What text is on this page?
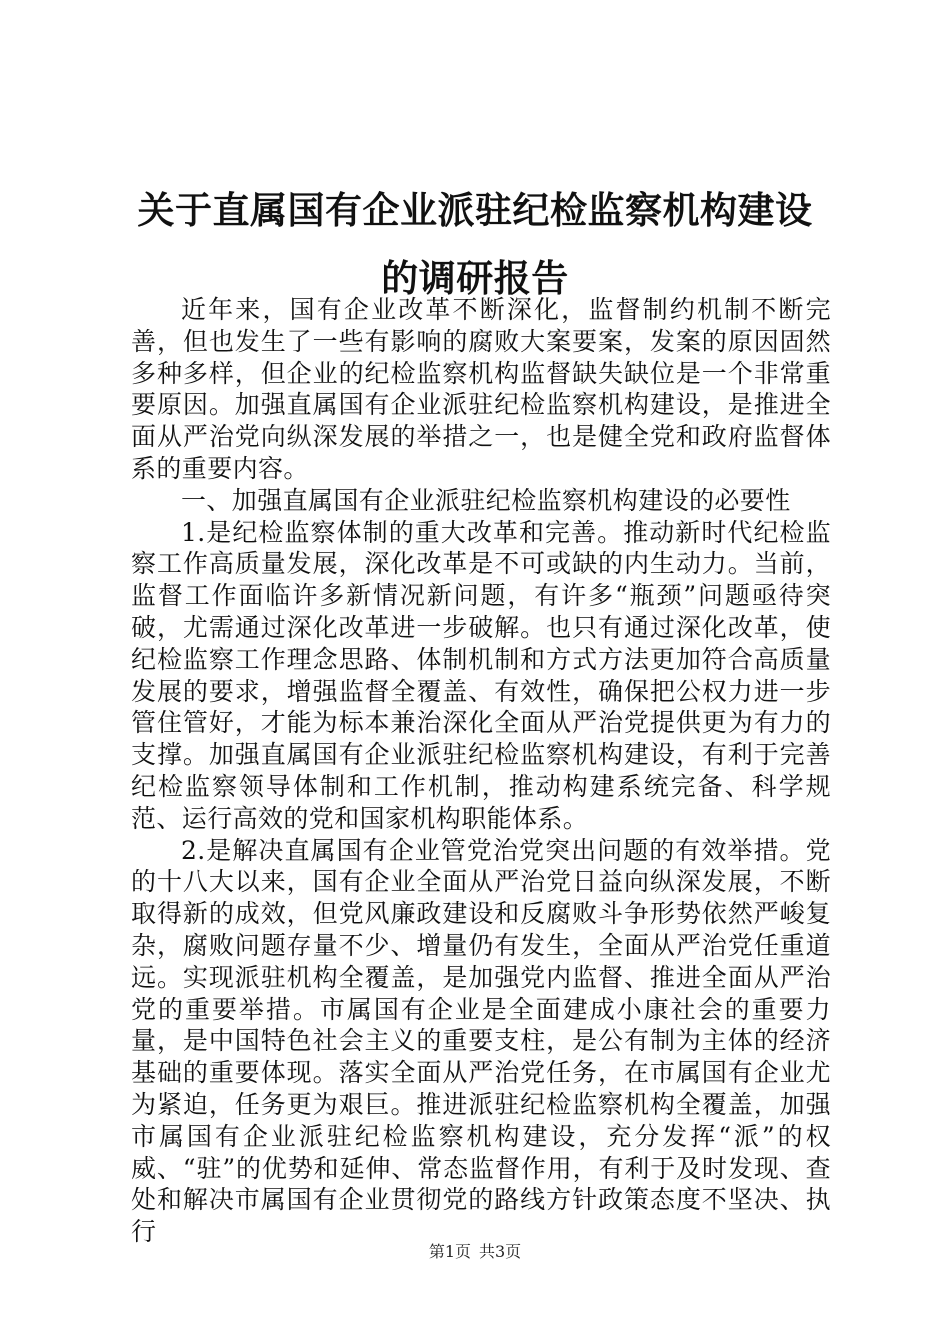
关于直属国有企业派驻纪检监察机构建设的调研报告

近年来，国有企业改革不断深化，监督制约机制不断完善，但也发生了一些有影响的腐败大案要案，发案的原因固然多种多样，但企业的纪检监察机构监督缺失缺位是一个非常重要原因。加强直属国有企业派驻纪检监察机构建设，是推进全面从严治党向纵深发展的举措之一，也是健全党和政府监督体系的重要内容。

一、加强直属国有企业派驻纪检监察机构建设的必要性

1.是纪检监察体制的重大改革和完善。推动新时代纪检监察工作高质量发展，深化改革是不可或缺的内生动力。当前，监督工作面临许多新情况新问题，有许多“瓶颈”问题亟待突破，尤需通过深化改革进一步破解。也只有通过深化改革，使纪检监察工作理念思路、体制机制和方式方法更加符合高质量发展的要求，增强监督全覆盖、有效性，确保把公权力进一步管住管好，才能为标本兼治深化全面从严治党提供更为有力的支撑。加强直属国有企业派驻纪检监察机构建设，有利于完善纪检监察领导体制和工作机制，推动构建系统完备、科学规范、运行高效的党和国家机构职能体系。

2.是解决直属国有企业管党治党突出问题的有效举措。党的十八大以来，国有企业全面从严治党日益向纵深发展，不断取得新的成效，但党风廉政建设和反腐败斗争形势依然严峻复杂，腐败问题存量不少、增量仍有发生，全面从严治党任重道远。实现派驻机构全覆盖，是加强党内监督、推进全面从严治党的重要举措。市属国有企业是全面建成小康社会的重要力量，是中国特色社会主义的重要支柱，是公有制为主体的经济基础的重要体现。落实全面从严治党任务，在市属国有企业尤为紧迫，任务更为艰巨。推进派驻纪检监察机构全覆盖，加强市属国有企业派驻纪检监察机构建设，充分发挥“派”的权威、“驻”的优势和延伸、常态监督作用，有利于及时发现、查处和解决市属国有企业贯彻党的路线方针政策态度不坚决、执行

第1页 共3页
